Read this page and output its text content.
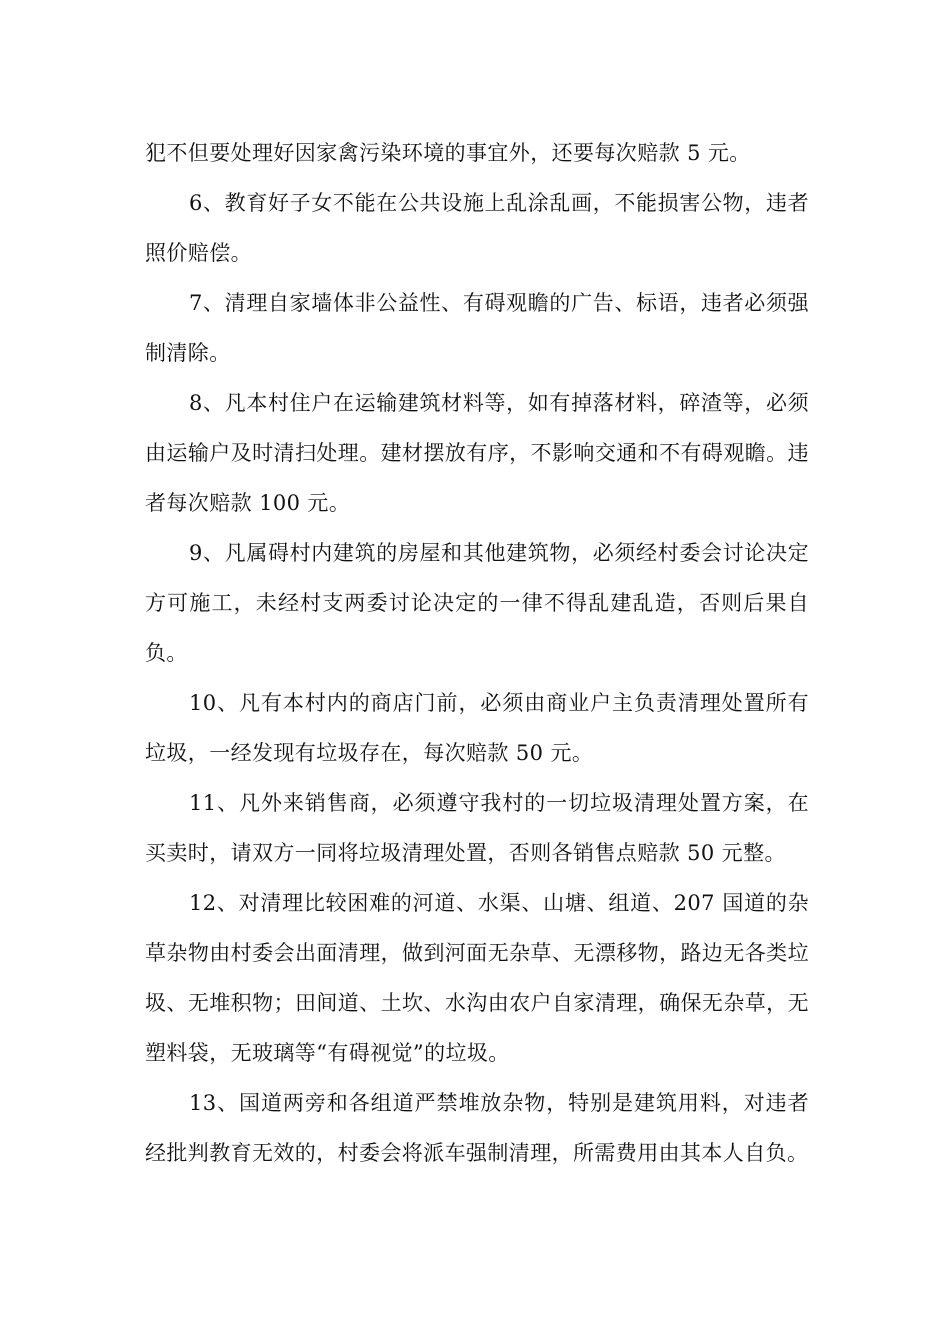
犯不但要处理好因家禽污染环境的事宜外，还要每次赔款 5 元。

6、教育好子女不能在公共设施上乱涂乱画，不能损害公物，违者照价赔偿。

7、清理自家墙体非公益性、有碍观瞻的广告、标语，违者必须强制清除。

8、凡本村住户在运输建筑材料等，如有掉落材料，碎渣等，必须由运输户及时清扫处理。建材摆放有序，不影响交通和不有碍观瞻。违者每次赔款 100 元。

9、凡属碍村内建筑的房屋和其他建筑物，必须经村委会讨论决定方可施工，未经村支两委讨论决定的一律不得乱建乱造，否则后果自负。

10、凡有本村内的商店门前，必须由商业户主负责清理处置所有垃圾，一经发现有垃圾存在，每次赔款 50 元。

11、凡外来销售商，必须遵守我村的一切垃圾清理处置方案，在买卖时，请双方一同将垃圾清理处置，否则各销售点赔款 50 元整。

12、对清理比较困难的河道、水渠、山塘、组道、207 国道的杂草杂物由村委会出面清理，做到河面无杂草、无漂移物，路边无各类垃圾、无堆积物；田间道、土坎、水沟由农户自家清理，确保无杂草，无塑料袋，无玻璃等“有碍视觉”的垃圾。

13、国道两旁和各组道严禁堆放杂物，特别是建筑用料，对违者经批判教育无效的，村委会将派车强制清理，所需费用由其本人自负。
